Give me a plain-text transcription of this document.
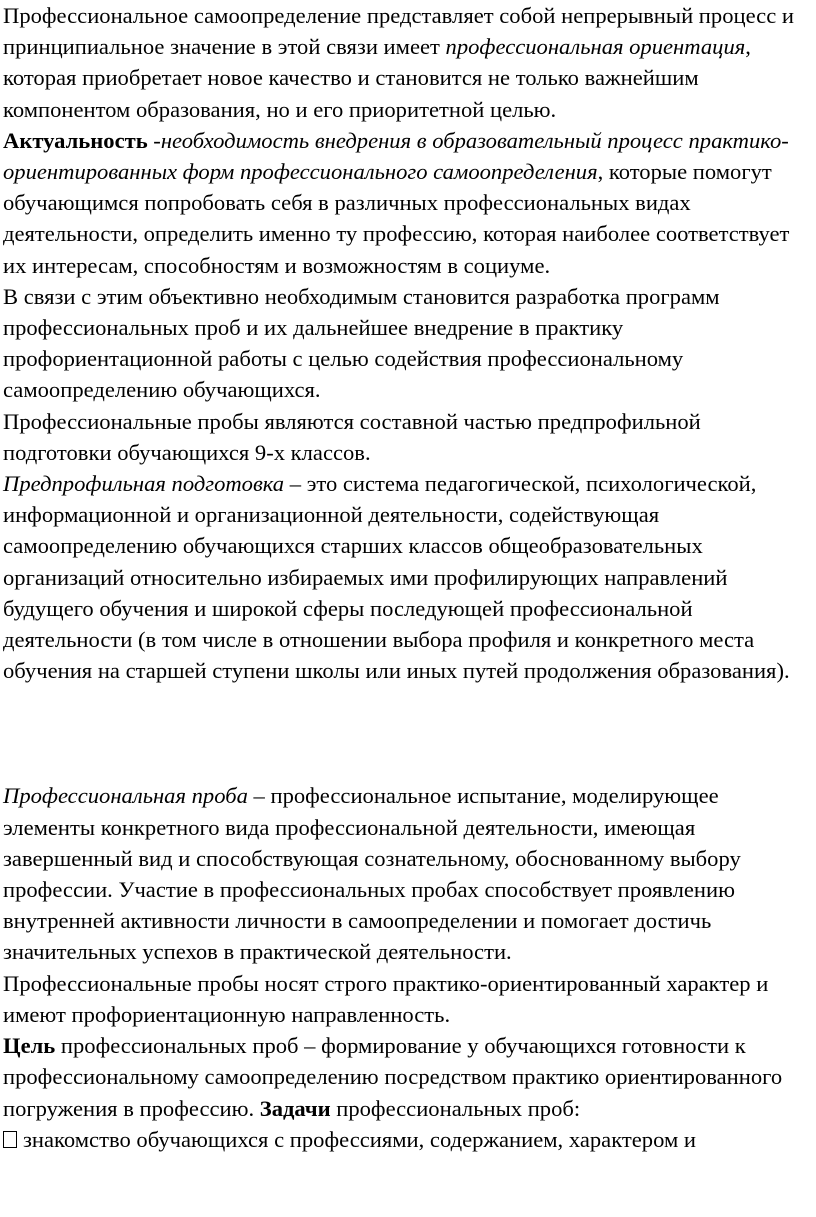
Профессиональное самоопределение представляет собой непрерывный процесс и принципиальное значение в этой связи имеет профессиональная ориентация, которая приобретает новое качество и становится не только важнейшим компонентом образования, но и его приоритетной целью.

Актуальность -необходимость внедрения в образовательный процесс практико-ориентированных форм профессионального самоопределения, которые помогут обучающимся попробовать себя в различных профессиональных видах деятельности, определить именно ту профессию, которая наиболее соответствует их интересам, способностям и возможностям в социуме.

В связи с этим объективно необходимым становится разработка программ профессиональных проб и их дальнейшее внедрение в практику профориентационной работы с целью содействия профессиональному самоопределению обучающихся.

Профессиональные пробы являются составной частью предпрофильной подготовки обучающихся 9-х классов.

Предпрофильная подготовка – это система педагогической, психологической, информационной и организационной деятельности, содействующая самоопределению обучающихся старших классов общеобразовательных организаций относительно избираемых ими профилирующих направлений будущего обучения и широкой сферы последующей профессиональной деятельности (в том числе в отношении выбора профиля и конкретного места обучения на старшей ступени школы или иных путей продолжения образования).

Профессиональная проба – профессиональное испытание, моделирующее элементы конкретного вида профессиональной деятельности, имеющая завершенный вид и способствующая сознательному, обоснованному выбору профессии. Участие в профессиональных пробах способствует проявлению внутренней активности личности в самоопределении и помогает достичь значительных успехов в практической деятельности.

Профессиональные пробы носят строго практико-ориентированный характер и имеют профориентационную направленность.

Цель профессиональных проб – формирование у обучающихся готовности к профессиональному самоопределению посредством практико ориентированного погружения в профессию. Задачи профессиональных проб:

знакомство обучающихся с профессиями, содержанием, характером и
